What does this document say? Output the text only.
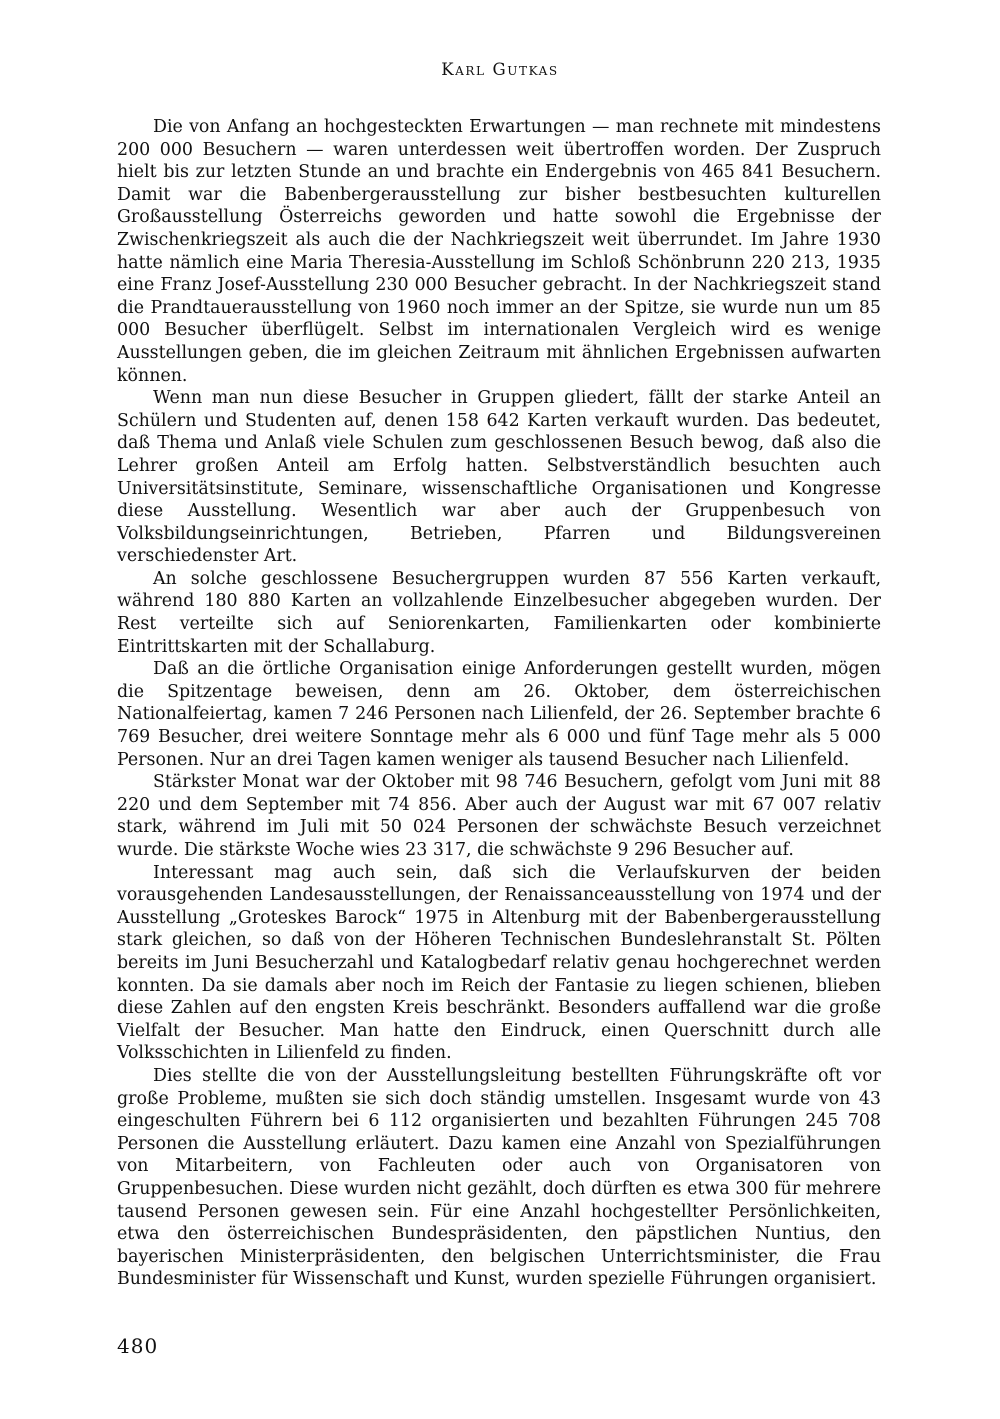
Karl Gutkas

Die von Anfang an hochgesteckten Erwartungen — man rechnete mit mindestens 200 000 Besuchern — waren unterdessen weit übertroffen worden. Der Zuspruch hielt bis zur letzten Stunde an und brachte ein Endergebnis von 465 841 Besuchern. Damit war die Babenbergerausstellung zur bisher bestbesuchten kulturellen Großausstellung Österreichs geworden und hatte sowohl die Ergebnisse der Zwischenkriegszeit als auch die der Nachkriegszeit weit überrundet. Im Jahre 1930 hatte nämlich eine Maria Theresia-Ausstellung im Schloß Schönbrunn 220 213, 1935 eine Franz Josef-Ausstellung 230 000 Besucher gebracht. In der Nachkriegszeit stand die Prandtauerausstellung von 1960 noch immer an der Spitze, sie wurde nun um 85 000 Besucher überflügelt. Selbst im internationalen Vergleich wird es wenige Ausstellungen geben, die im gleichen Zeitraum mit ähnlichen Ergebnissen aufwarten können.

Wenn man nun diese Besucher in Gruppen gliedert, fällt der starke Anteil an Schülern und Studenten auf, denen 158 642 Karten verkauft wurden. Das bedeutet, daß Thema und Anlaß viele Schulen zum geschlossenen Besuch bewog, daß also die Lehrer großen Anteil am Erfolg hatten. Selbstverständlich besuchten auch Universitätsinstitute, Seminare, wissenschaftliche Organisationen und Kongresse diese Ausstellung. Wesentlich war aber auch der Gruppenbesuch von Volksbildungseinrichtungen, Betrieben, Pfarren und Bildungsvereinen verschiedenster Art.

An solche geschlossene Besuchergruppen wurden 87 556 Karten verkauft, während 180 880 Karten an vollzahlende Einzelbesucher abgegeben wurden. Der Rest verteilte sich auf Seniorenkarten, Familienkarten oder kombinierte Eintrittskarten mit der Schallaburg.

Daß an die örtliche Organisation einige Anforderungen gestellt wurden, mögen die Spitzentage beweisen, denn am 26. Oktober, dem österreichischen Nationalfeiertag, kamen 7 246 Personen nach Lilienfeld, der 26. September brachte 6 769 Besucher, drei weitere Sonntage mehr als 6 000 und fünf Tage mehr als 5 000 Personen. Nur an drei Tagen kamen weniger als tausend Besucher nach Lilienfeld.

Stärkster Monat war der Oktober mit 98 746 Besuchern, gefolgt vom Juni mit 88 220 und dem September mit 74 856. Aber auch der August war mit 67 007 relativ stark, während im Juli mit 50 024 Personen der schwächste Besuch verzeichnet wurde. Die stärkste Woche wies 23 317, die schwächste 9 296 Besucher auf.

Interessant mag auch sein, daß sich die Verlaufskurven der beiden vorausgehenden Landesausstellungen, der Renaissanceausstellung von 1974 und der Ausstellung „Groteskes Barock“ 1975 in Altenburg mit der Babenbergerausstellung stark gleichen, so daß von der Höheren Technischen Bundeslehranstalt St. Pölten bereits im Juni Besucherzahl und Katalogbedarf relativ genau hochgerechnet werden konnten. Da sie damals aber noch im Reich der Fantasie zu liegen schienen, blieben diese Zahlen auf den engsten Kreis beschränkt. Besonders auffallend war die große Vielfalt der Besucher. Man hatte den Eindruck, einen Querschnitt durch alle Volksschichten in Lilienfeld zu finden.

Dies stellte die von der Ausstellungsleitung bestellten Führungskräfte oft vor große Probleme, mußten sie sich doch ständig umstellen. Insgesamt wurde von 43 eingeschulten Führern bei 6 112 organisierten und bezahlten Führungen 245 708 Personen die Ausstellung erläutert. Dazu kamen eine Anzahl von Spezialführungen von Mitarbeitern, von Fachleuten oder auch von Organisatoren von Gruppenbesuchen. Diese wurden nicht gezählt, doch dürften es etwa 300 für mehrere tausend Personen gewesen sein. Für eine Anzahl hochgestellter Persönlichkeiten, etwa den österreichischen Bundespräsidenten, den päpstlichen Nuntius, den bayerischen Ministerpräsidenten, den belgischen Unterrichtsminister, die Frau Bundesminister für Wissenschaft und Kunst, wurden spezielle Führungen organisiert.

480
